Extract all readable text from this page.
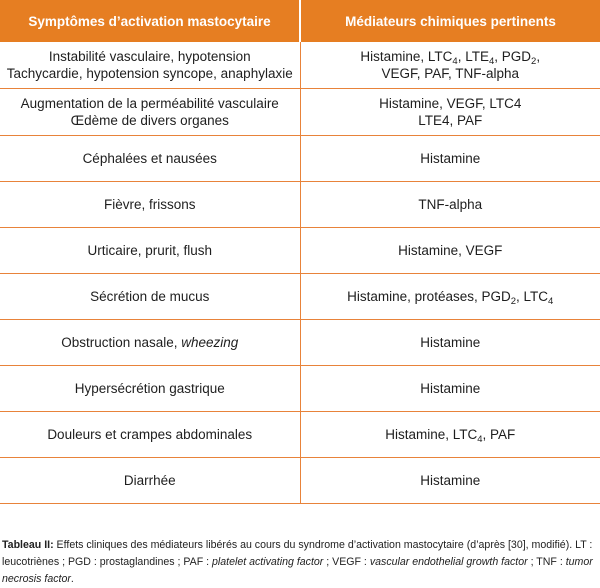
Symptômes d’activation mastocytaire	Médiateurs chimiques pertinents

Instabilité vasculaire, hypotension
Tachycardie, hypotension syncope, anaphylaxie	Histamine, $LTC_4$, $LTE_4$, $PGD_2$,
VEGF, PAF, TNF-alpha

Augmentation de la perméabilité vasculaire
Œdème de divers organes	Histamine, VEGF, LTC4
LTE4, PAF

Céphalées et nausées	Histamine

Fièvre, frissons	TNF-alpha

Urticaire, prurit, flush	Histamine, VEGF

Sécrétion de mucus	Histamine, protéases, $PGD_2$, $LTC_4$

Obstruction nasale, wheezing	Histamine

Hypersécrétion gastrique	Histamine

Douleurs et crampes abdominales	Histamine, $LTC_4$, PAF

Diarrhée	Histamine

Tableau II: Effets cliniques des médiateurs libérés au cours du syndrome d’activation mastocytaire (d’après [30], modifié). LT : leucotriènes ; PGD : prostaglandines ; PAF : platelet activating factor ; VEGF : vascular endothelial growth factor ; TNF : tumor necrosis factor.
